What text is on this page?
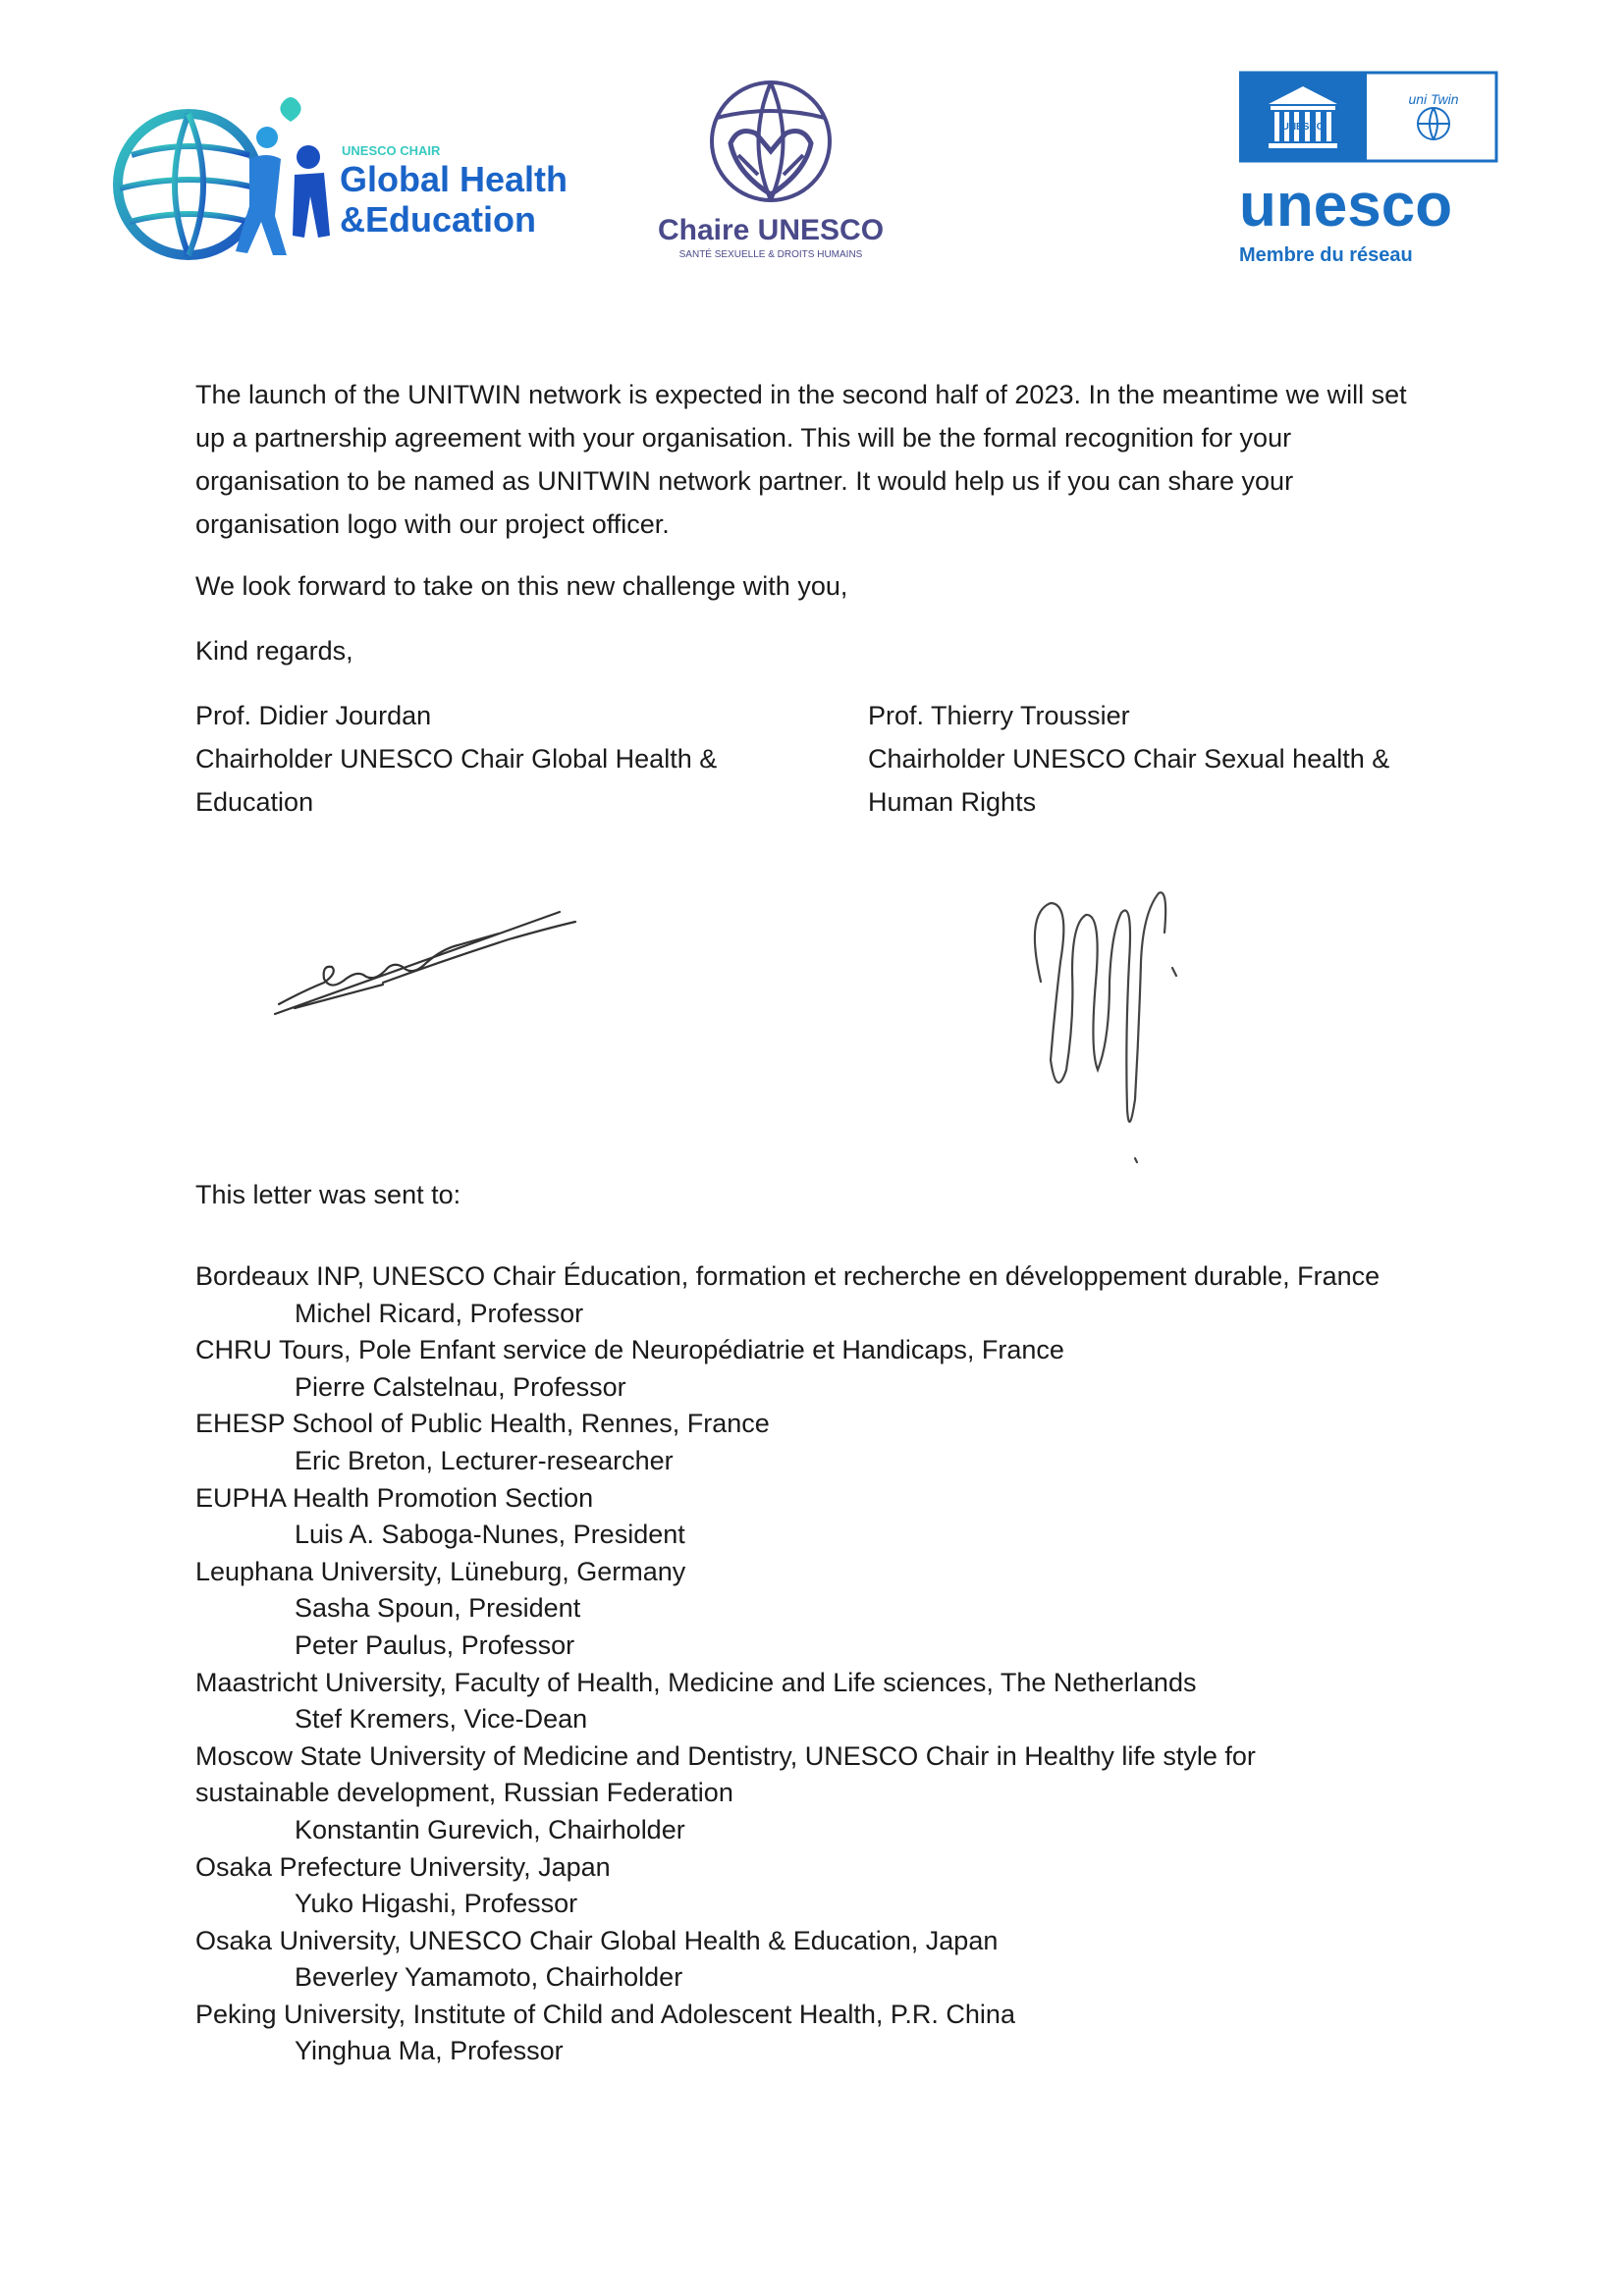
UNESCO CHAIR
Global Health
&Education	Chaire UNESCO
SANTÉ SEXUELLE & DROITS HUMAINS
UNESCO
uni Twin
unesco
Membre du réseau

The launch of the UNITWIN network is expected in the second half of 2023. In the meantime we will set up a partnership agreement with your organisation. This will be the formal recognition for your organisation to be named as UNITWIN network partner. It would help us if you can share your organisation logo with our project officer.

We look forward to take on this new challenge with you,

Kind regards,

Prof. Didier Jourdan
Chairholder UNESCO Chair Global Health &
Education
Prof. Thierry Troussier
Chairholder UNESCO Chair Sexual health &
Human Rights

This letter was sent to:

Bordeaux INP, UNESCO Chair Éducation, formation et recherche en développement durable, France
Michel Ricard, Professor
CHRU Tours, Pole Enfant service de Neuropédiatrie et Handicaps, France
Pierre Calstelnau, Professor
EHESP School of Public Health, Rennes, France
Eric Breton, Lecturer-researcher
EUPHA Health Promotion Section
Luis A. Saboga-Nunes, President
Leuphana University, Lüneburg, Germany
Sasha Spoun, President
Peter Paulus, Professor
Maastricht University, Faculty of Health, Medicine and Life sciences, The Netherlands
Stef Kremers, Vice-Dean
Moscow State University of Medicine and Dentistry, UNESCO Chair in Healthy life style for
sustainable development, Russian Federation
Konstantin Gurevich, Chairholder
Osaka Prefecture University, Japan
Yuko Higashi, Professor
Osaka University, UNESCO Chair Global Health & Education, Japan
Beverley Yamamoto, Chairholder
Peking University, Institute of Child and Adolescent Health, P.R. China
Yinghua Ma, Professor
